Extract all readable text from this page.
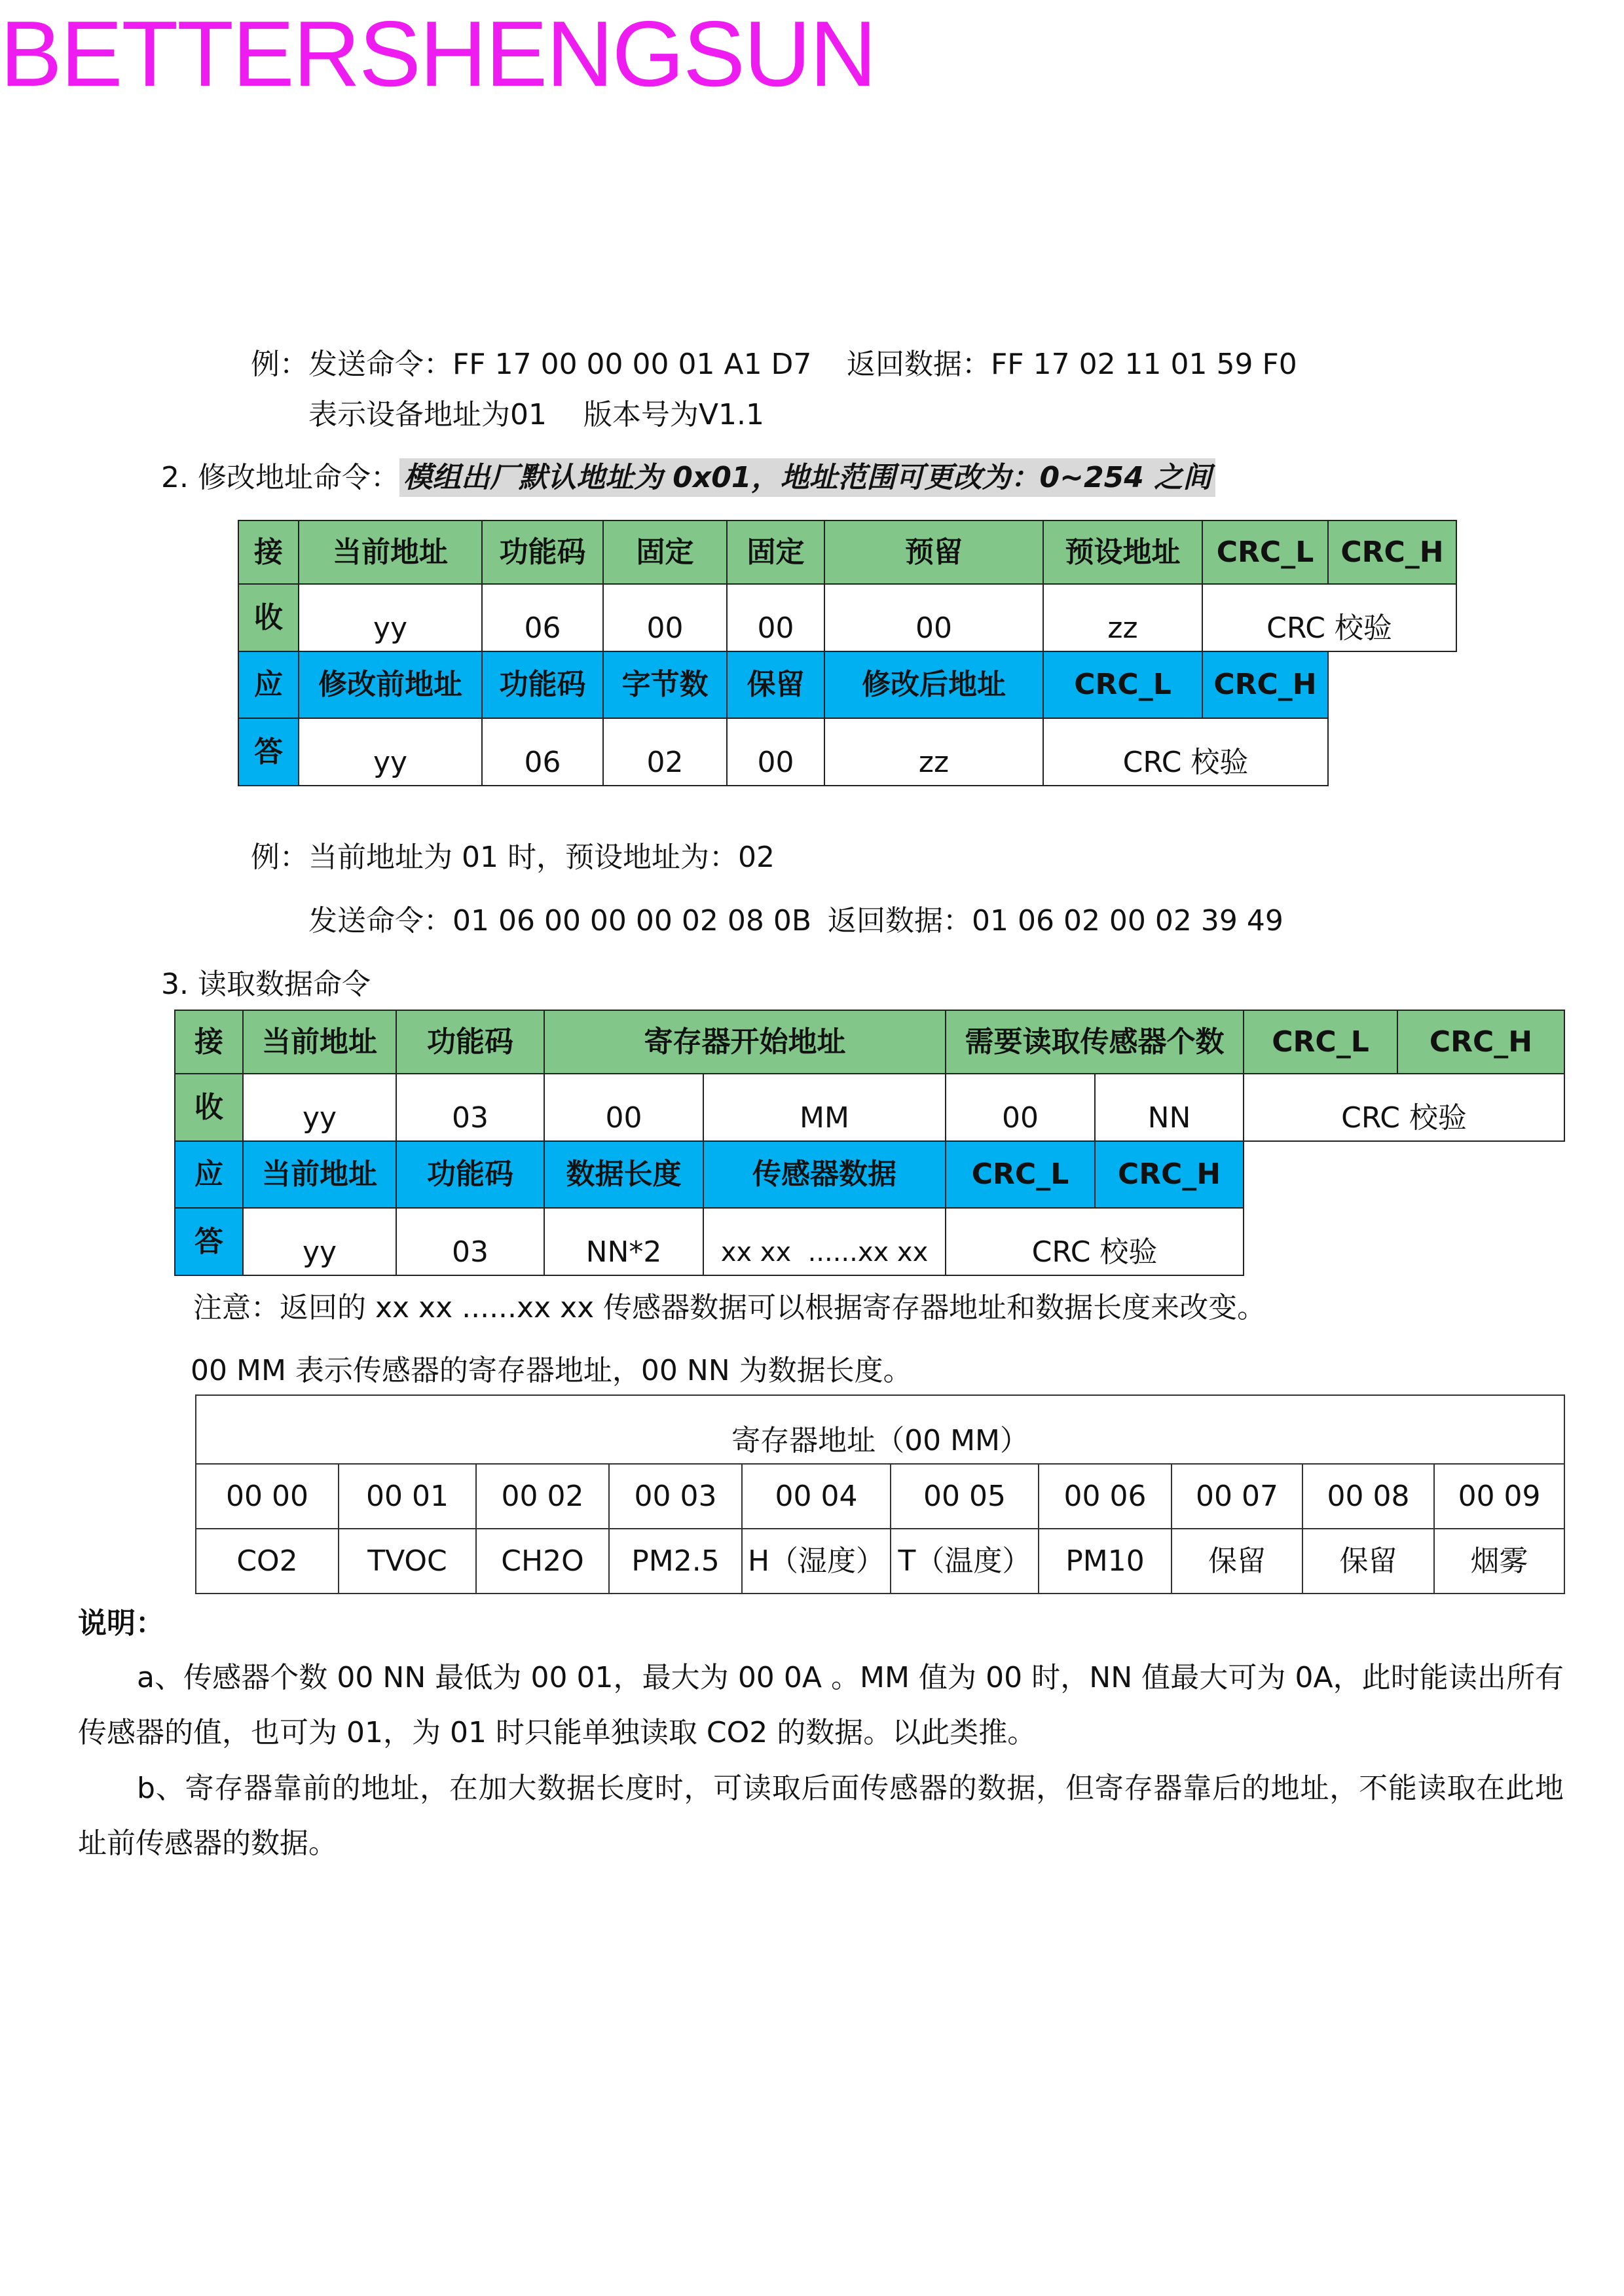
BETTERSHENGSUN
例：发送命令：FF 17 00 00 00 01 A1 D7 返回数据：FF 17 02 11 01 59 F0
表示设备地址为01    版本号为V1.1
2. 修改地址命令： 模组出厂默认地址为 0x01，地址范围可更改为：0~254 之间
接	当前地址	功能码	固定	固定	预留	预设地址	CRC_L	CRC_H
收	yy	06	00	00	00	zz	CRC 校验	
应	修改前地址	功能码	字节数	保留	修改后地址	CRC_L	CRC_H	
答	yy	06	02	00	zz	CRC 校验		
例：当前地址为 01 时，预设地址为：02
发送命令：01 06 00 00 00 02 08 0B 返回数据：01 06 02 00 02 39 49
3. 读取数据命令
接	当前地址	功能码	寄存器开始地址		需要读取传感器个数		CRC_L	CRC_H
收	yy	03	00	MM	00	NN	CRC 校验	
应	当前地址	功能码	数据长度	传感器数据	CRC_L	CRC_H		
答	yy	03	NN*2	xx xx  ......xx xx	CRC 校验			
注意：返回的 xx xx ......xx xx 传感器数据可以根据寄存器地址和数据长度来改变。
00 MM 表示传感器的寄存器地址，00 NN 为数据长度。
寄存器地址（00 MM）									
00 00	00 01	00 02	00 03	00 04	00 05	00 06	00 07	00 08	00 09
CO2	TVOC	CH2O	PM2.5	H（湿度）	T（温度）	PM10	保留	保留	烟雾
说明：
a、传感器个数 00 NN 最低为 00 01，最大为 00 0A 。MM 值为 00 时，NN 值最大可为 0A，此时能读出所有传感器的值，也可为 01，为 01 时只能单独读取 CO2 的数据。以此类推。
b、寄存器靠前的地址，在加大数据长度时，可读取后面传感器的数据，但寄存器靠后的地址，不能读取在此地址前传感器的数据。
